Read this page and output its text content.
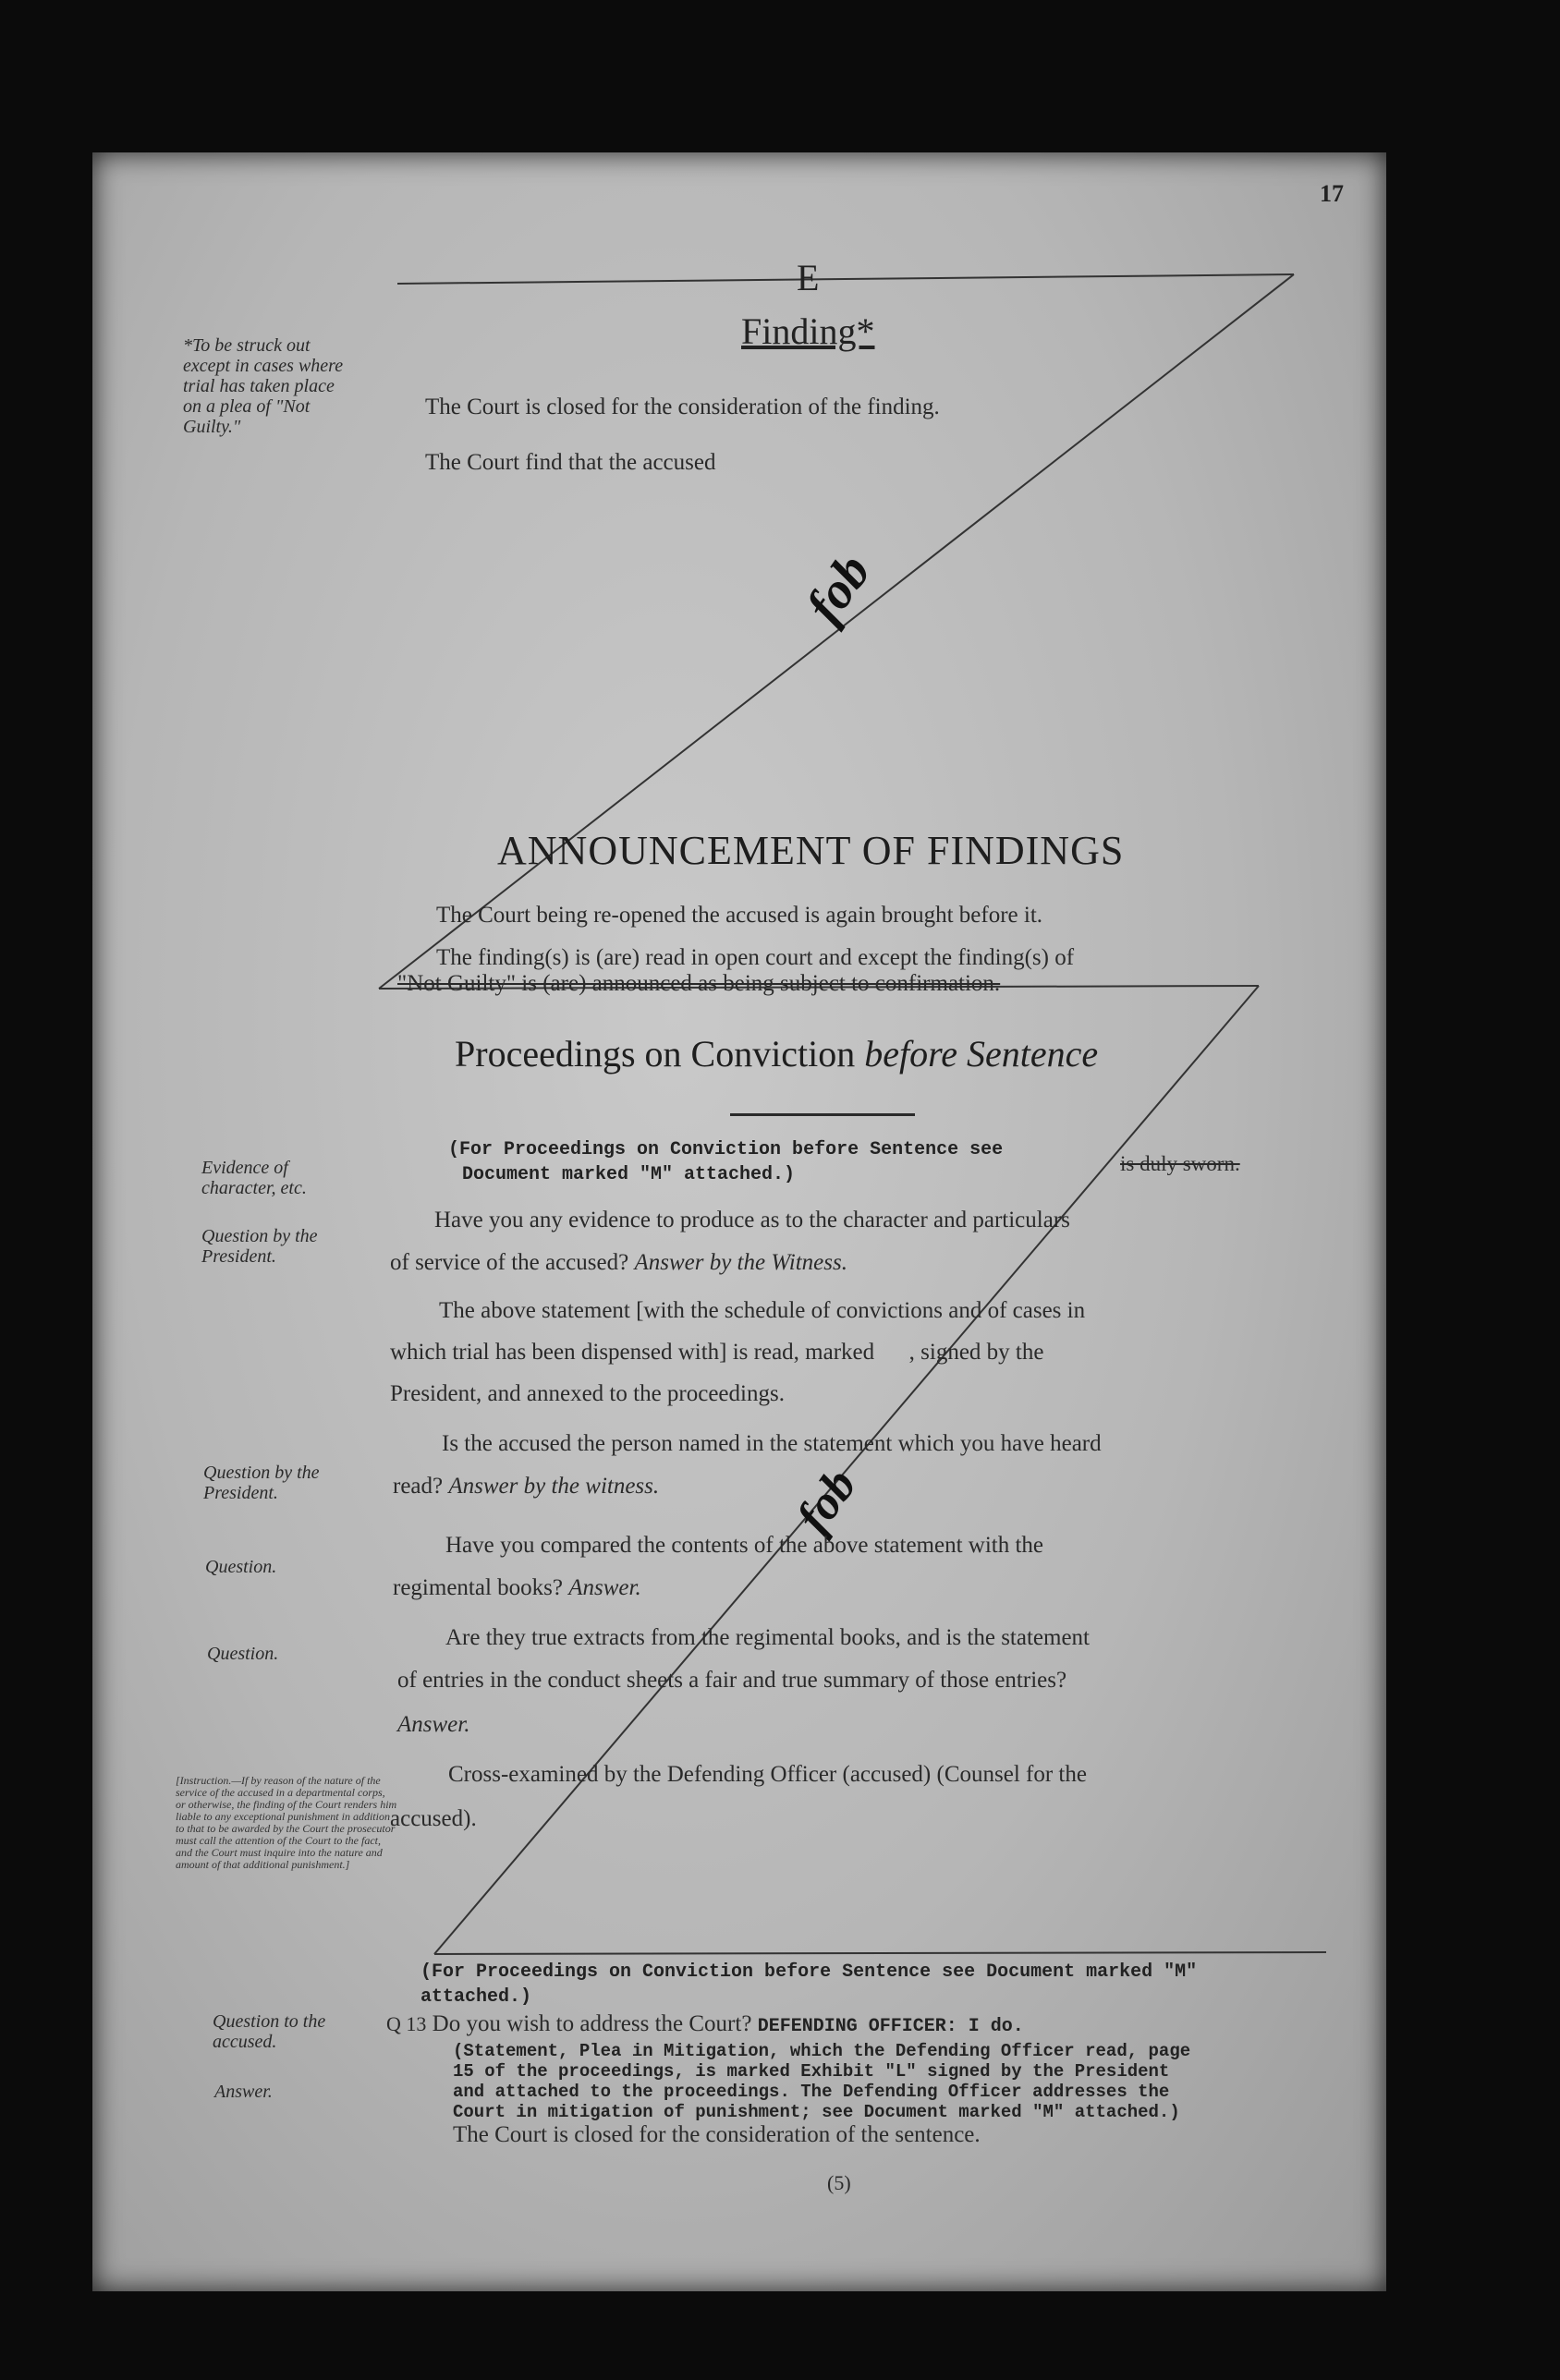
17
E
Finding*
*To be struck out except in cases where trial has taken place on a plea of "Not Guilty."
The Court is closed for the consideration of the finding.
The Court find that the accused
fob
ANNOUNCEMENT OF FINDINGS
The Court being re-opened the accused is again brought before it.
The finding(s) is (are) read in open court and except the finding(s) of
"Not Guilty" is (are) announced as being subject to confirmation.
Proceedings on Conviction before Sentence
(For Proceedings on Conviction before Sentence see
Document marked "M" attached.)	is duly sworn.
Evidence of character, etc.
Question by the President.
Question by the President.
Question.
Question.
[Instruction.—If by reason of the nature of the service of the accused in a departmental corps, or otherwise, the finding of the Court renders him liable to any exceptional punishment in addition to that to be awarded by the Court the prosecutor must call the attention of the Court to the fact, and the Court must inquire into the nature and amount of that additional punishment.]
Question to the accused.
Answer.
Have you any evidence to produce as to the character and particulars
of service of the accused? Answer by the Witness.
The above statement [with the schedule of convictions and of cases in
which trial has been dispensed with] is read, marked      , signed by the
President, and annexed to the proceedings.
Is the accused the person named in the statement which you have heard
read? Answer by the witness.	fob
Have you compared the contents of the above statement with the
regimental books? Answer.
Are they true extracts from the regimental books, and is the statement
of entries in the conduct sheets a fair and true summary of those entries?
Answer.
Cross-examined by the Defending Officer (accused) (Counsel for the
accused).
(For Proceedings on Conviction before Sentence see Document marked "M"
attached.)
Q 13 Do you wish to address the Court? DEFENDING OFFICER: I do.
(Statement, Plea in Mitigation, which the Defending Officer read, page
15 of the proceedings, is marked Exhibit "L" signed by the President
and attached to the proceedings. The Defending Officer addresses the
Court in mitigation of punishment; see Document marked "M" attached.)
The Court is closed for the consideration of the sentence.
(5)
